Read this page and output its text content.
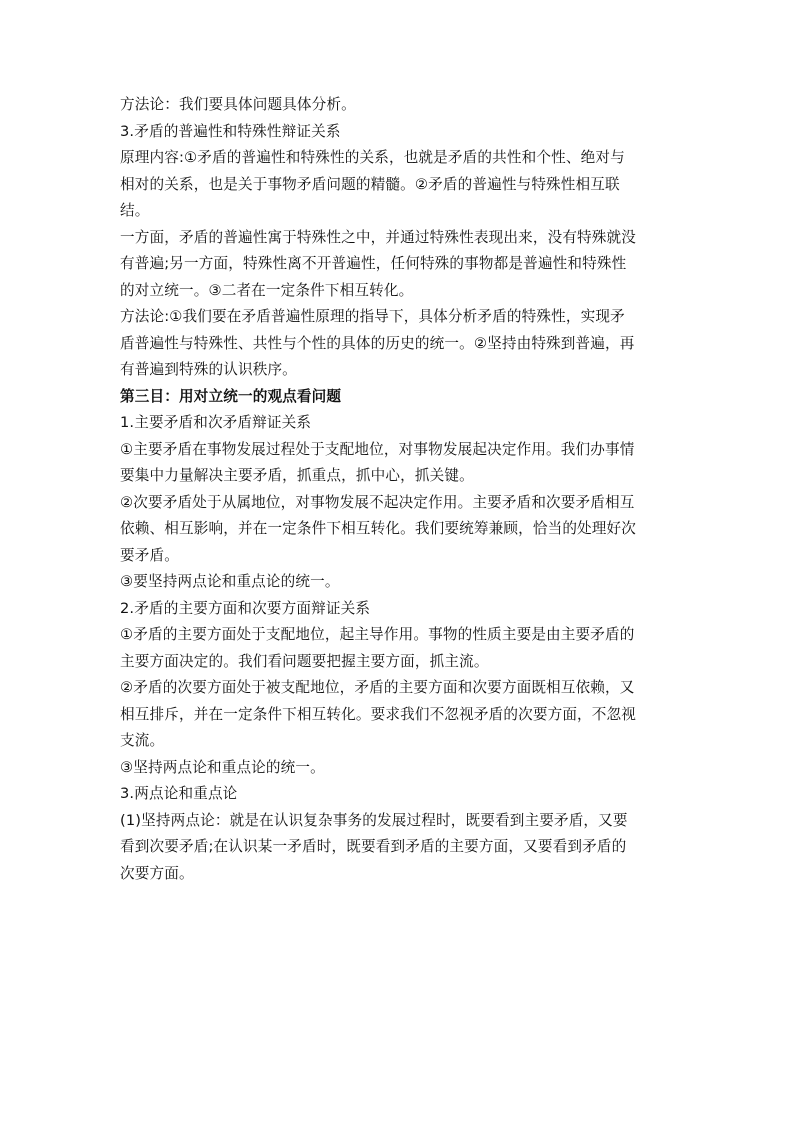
方法论：我们要具体问题具体分析。

3.矛盾的普遍性和特殊性辩证关系

原理内容:①矛盾的普遍性和特殊性的关系，也就是矛盾的共性和个性、绝对与

相对的关系，也是关于事物矛盾问题的精髓。②矛盾的普遍性与特殊性相互联

结。

一方面，矛盾的普遍性寓于特殊性之中，并通过特殊性表现出来，没有特殊就没

有普遍;另一方面，特殊性离不开普遍性，任何特殊的事物都是普遍性和特殊性

的对立统一。③二者在一定条件下相互转化。

方法论:①我们要在矛盾普遍性原理的指导下，具体分析矛盾的特殊性，实现矛

盾普遍性与特殊性、共性与个性的具体的历史的统一。②坚持由特殊到普遍，再

有普遍到特殊的认识秩序。

第三目：用对立统一的观点看问题

1.主要矛盾和次矛盾辩证关系

①主要矛盾在事物发展过程处于支配地位，对事物发展起决定作用。我们办事情

要集中力量解决主要矛盾，抓重点，抓中心，抓关键。

②次要矛盾处于从属地位，对事物发展不起决定作用。主要矛盾和次要矛盾相互

依赖、相互影响，并在一定条件下相互转化。我们要统筹兼顾，恰当的处理好次

要矛盾。

③要坚持两点论和重点论的统一。

2.矛盾的主要方面和次要方面辩证关系

①矛盾的主要方面处于支配地位，起主导作用。事物的性质主要是由主要矛盾的

主要方面决定的。我们看问题要把握主要方面，抓主流。

②矛盾的次要方面处于被支配地位，矛盾的主要方面和次要方面既相互依赖，又

相互排斥，并在一定条件下相互转化。要求我们不忽视矛盾的次要方面，不忽视

支流。

③坚持两点论和重点论的统一。

3.两点论和重点论

(1)坚持两点论：就是在认识复杂事务的发展过程时，既要看到主要矛盾，又要

看到次要矛盾;在认识某一矛盾时，既要看到矛盾的主要方面，又要看到矛盾的

次要方面。
